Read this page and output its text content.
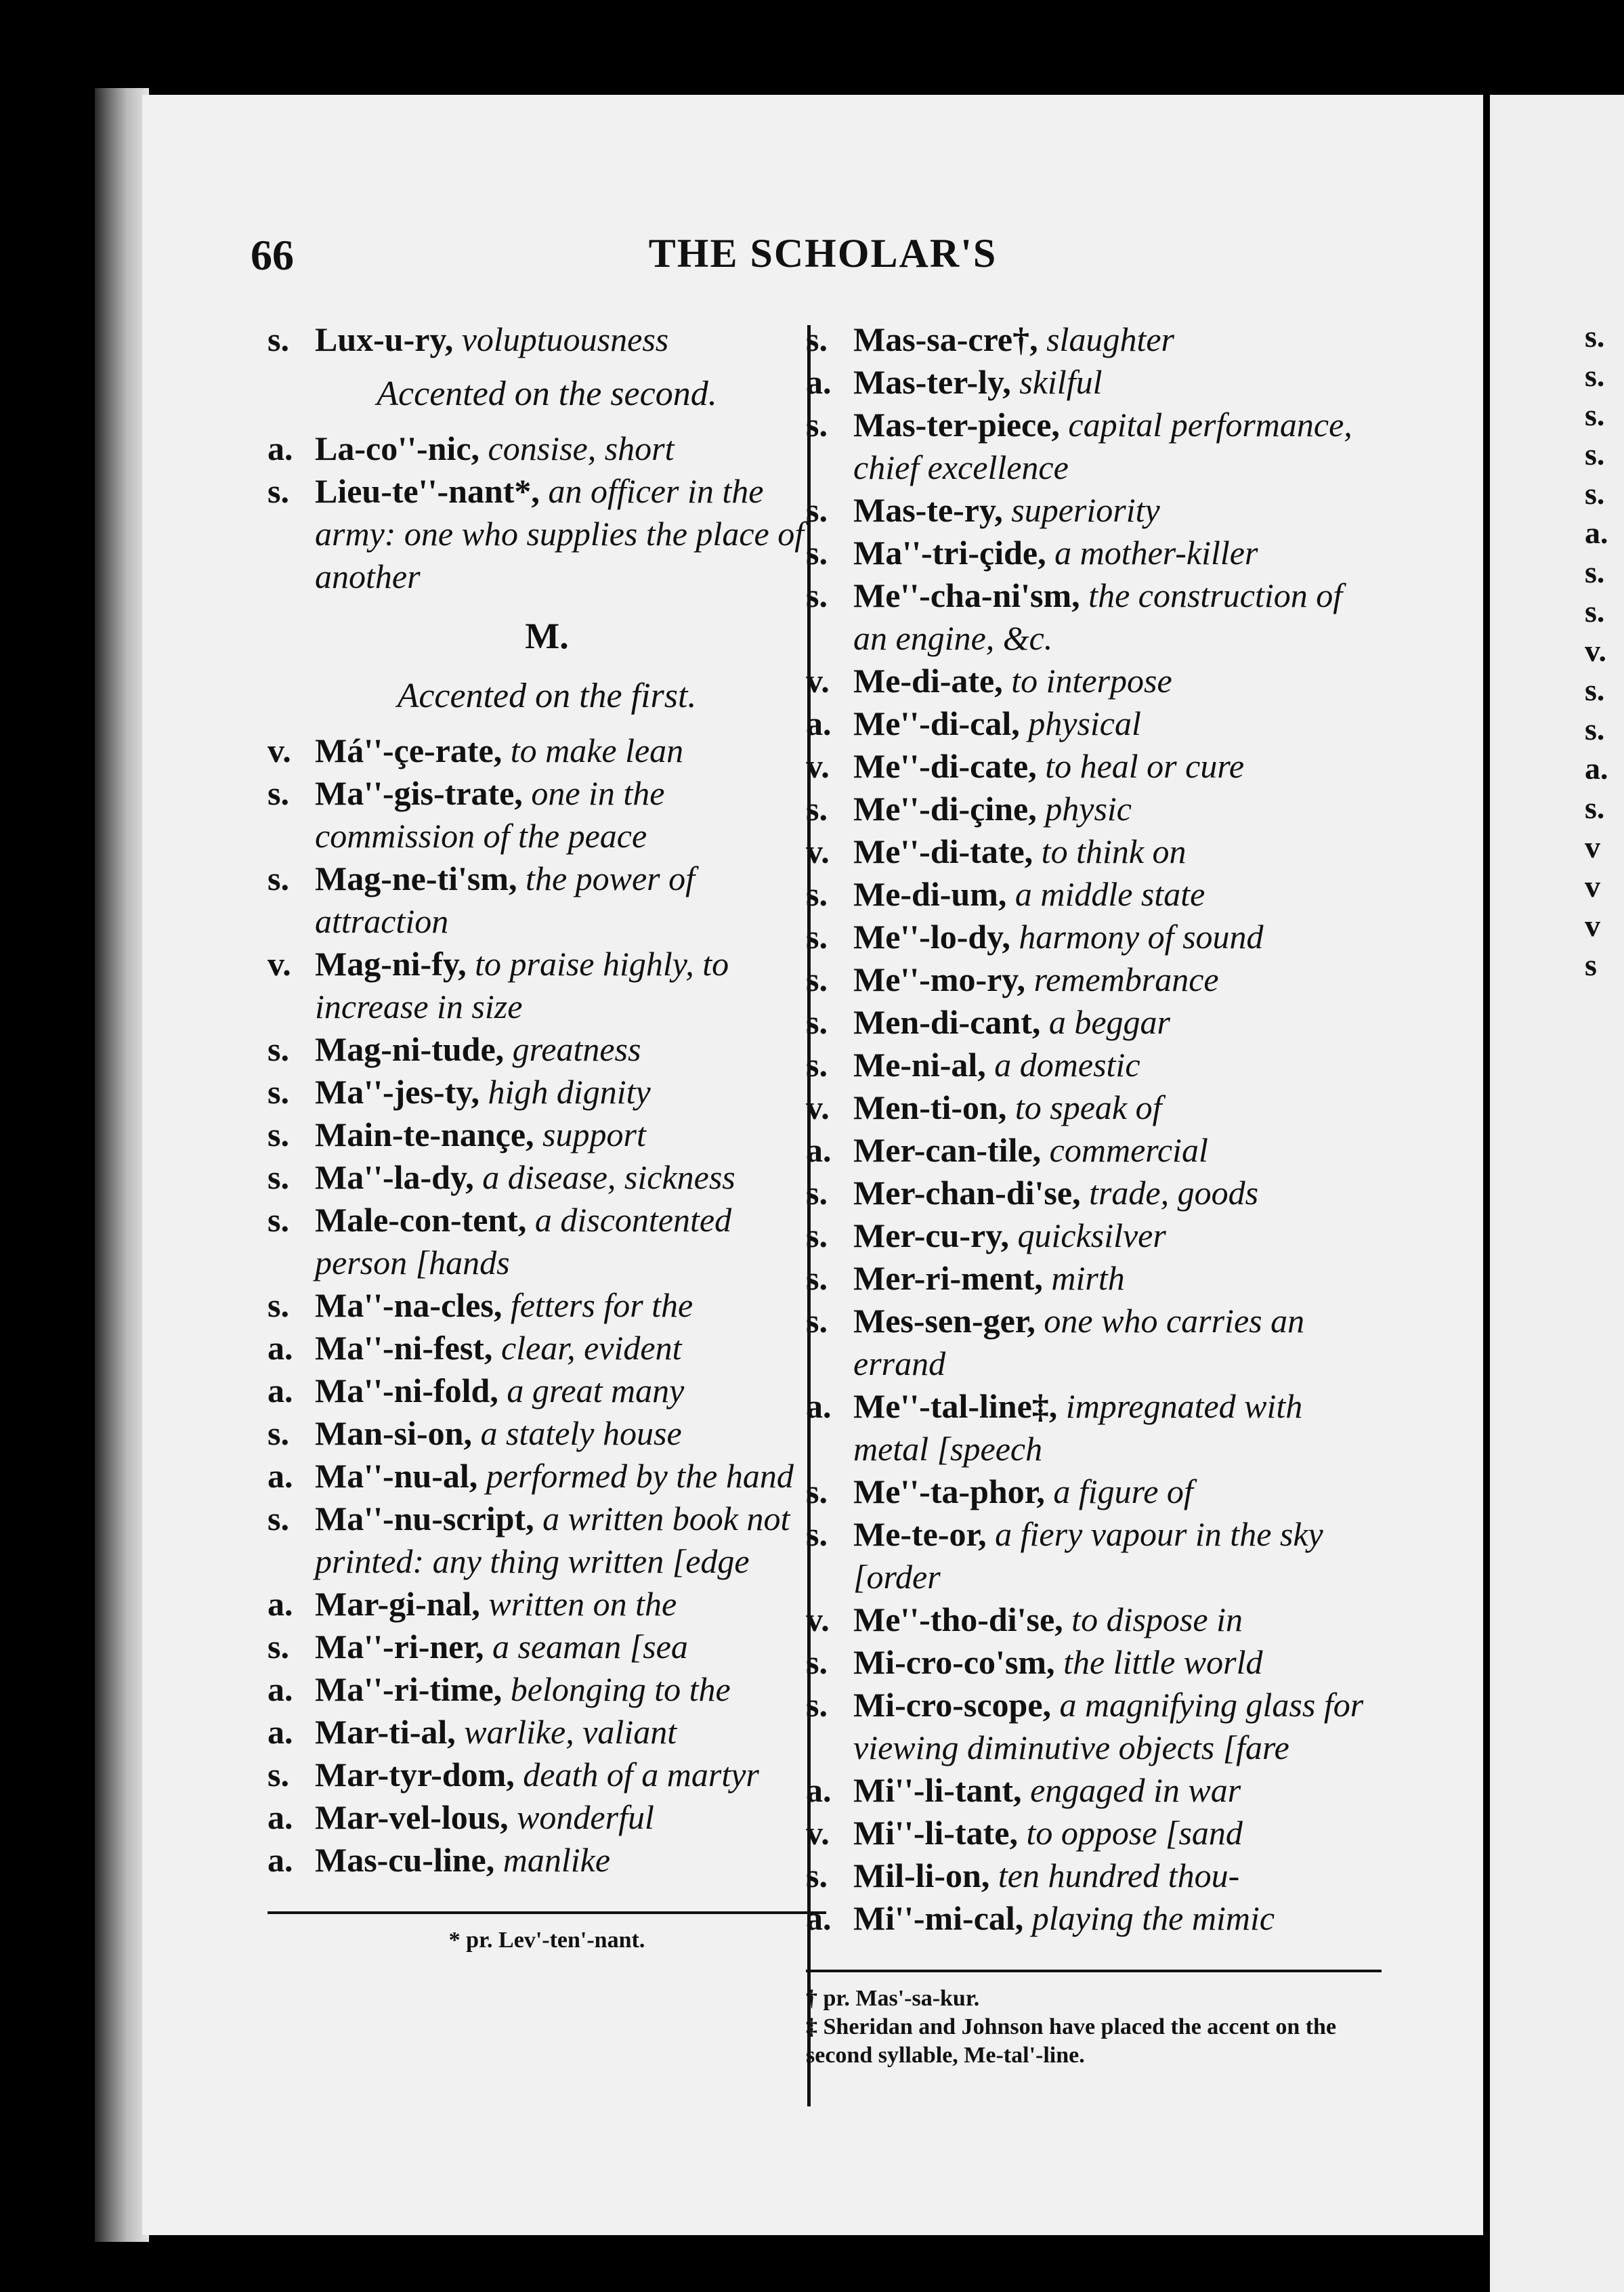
s.
s.
s.
s.
s.
a.
s.
s.
v.
s.
s.
a.
s.
v
v
v
s
66	THE SCHOLAR'S
s. Lux-u-ry, voluptuousness
Accented on the second.
a. La-co''-nic, consise, short
s. Lieu-te''-nant*, an officer in the army: one who supplies the place of another
M.
Accented on the first.
v. Má''-çe-rate, to make lean
s. Ma''-gis-trate, one in the commission of the peace
s. Mag-ne-ti'sm, the power of attraction
v. Mag-ni-fy, to praise highly, to increase in size
s. Mag-ni-tude, greatness
s. Ma''-jes-ty, high dignity
s. Main-te-nançe, support
s. Ma''-la-dy, a disease, sickness
s. Male-con-tent, a discontented person [hands
s. Ma''-na-cles, fetters for the
a. Ma''-ni-fest, clear, evident
a. Ma''-ni-fold, a great many
s. Man-si-on, a stately house
a. Ma''-nu-al, performed by the hand
s. Ma''-nu-script, a written book not printed: any thing written [edge
a. Mar-gi-nal, written on the
s. Ma''-ri-ner, a seaman [sea
a. Ma''-ri-time, belonging to the
a. Mar-ti-al, warlike, valiant
s. Mar-tyr-dom, death of a martyr
a. Mar-vel-lous, wonderful
a. Mas-cu-line, manlike
* pr. Lev'-ten'-nant.
s. Mas-sa-cre†, slaughter
a. Mas-ter-ly, skilful
s. Mas-ter-piece, capital performance, chief excellence
s. Mas-te-ry, superiority
s. Ma''-tri-çide, a mother-killer
s. Me''-cha-ni'sm, the construction of an engine, &c.
v. Me-di-ate, to interpose
a. Me''-di-cal, physical
v. Me''-di-cate, to heal or cure
s. Me''-di-çine, physic
v. Me''-di-tate, to think on
s. Me-di-um, a middle state
s. Me''-lo-dy, harmony of sound
s. Me''-mo-ry, remembrance
s. Men-di-cant, a beggar
s. Me-ni-al, a domestic
v. Men-ti-on, to speak of
a. Mer-can-tile, commercial
s. Mer-chan-di'se, trade, goods
s. Mer-cu-ry, quicksilver
s. Mer-ri-ment, mirth
s. Mes-sen-ger, one who carries an errand
a. Me''-tal-line‡, impregnated with metal [speech
s. Me''-ta-phor, a figure of
s. Me-te-or, a fiery vapour in the sky [order
v. Me''-tho-di'se, to dispose in
s. Mi-cro-co'sm, the little world
s. Mi-cro-scope, a magnifying glass for viewing diminutive objects [fare
a. Mi''-li-tant, engaged in war
v. Mi''-li-tate, to oppose [sand
s. Mil-li-on, ten hundred thou-
a. Mi''-mi-cal, playing the mimic
† pr. Mas'-sa-kur.
‡ Sheridan and Johnson have placed the accent on the second syllable, Me-tal'-line.
